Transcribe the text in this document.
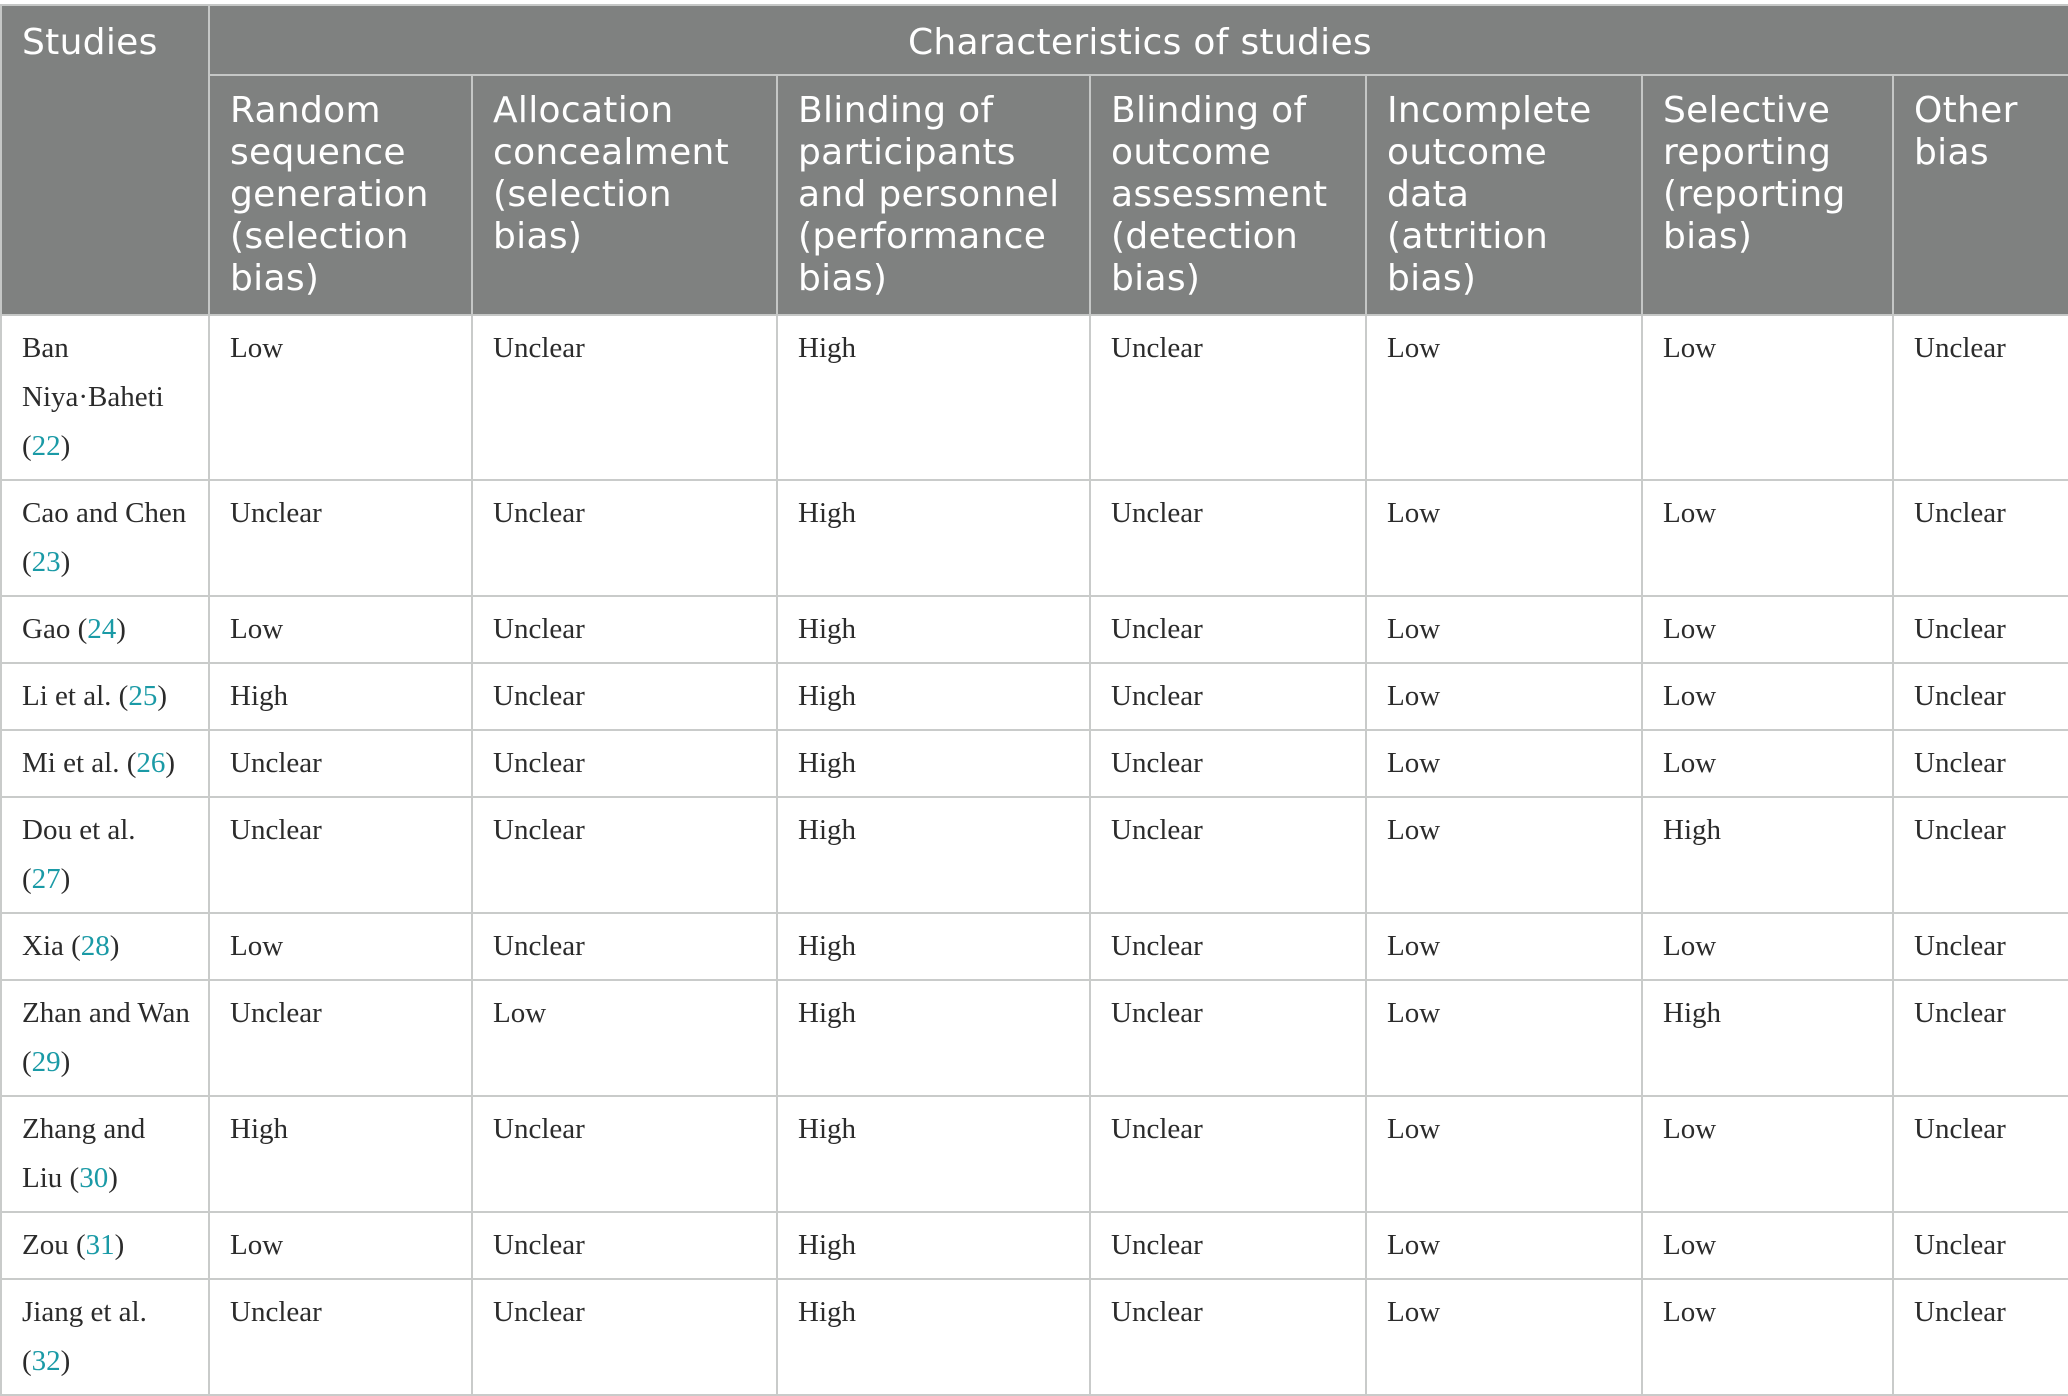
Studies	Characteristics of studies						
	Random sequence generation (selection bias)	Allocation concealment (selection bias)	Blinding of participants and personnel (performance bias)	Blinding of outcome assessment (detection bias)	Incomplete outcome data (attrition bias)	Selective reporting (reporting bias)	Other bias
Ban Niya·Baheti (22)	Low	Unclear	High	Unclear	Low	Low	Unclear
Cao and Chen (23)	Unclear	Unclear	High	Unclear	Low	Low	Unclear
Gao (24)	Low	Unclear	High	Unclear	Low	Low	Unclear
Li et al. (25)	High	Unclear	High	Unclear	Low	Low	Unclear
Mi et al. (26)	Unclear	Unclear	High	Unclear	Low	Low	Unclear
Dou et al. (27)	Unclear	Unclear	High	Unclear	Low	High	Unclear
Xia (28)	Low	Unclear	High	Unclear	Low	Low	Unclear
Zhan and Wan (29)	Unclear	Low	High	Unclear	Low	High	Unclear
Zhang and Liu (30)	High	Unclear	High	Unclear	Low	Low	Unclear
Zou (31)	Low	Unclear	High	Unclear	Low	Low	Unclear
Jiang et al. (32)	Unclear	Unclear	High	Unclear	Low	Low	Unclear
